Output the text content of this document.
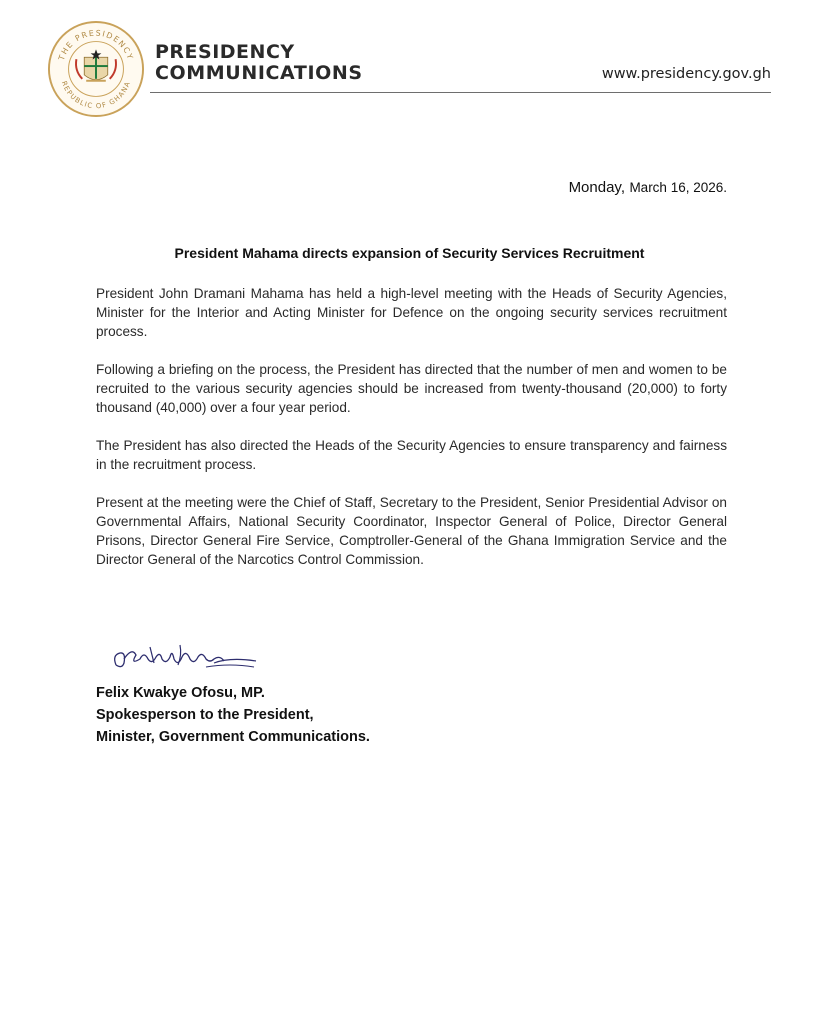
THE PRESIDENCY
REPUBLIC OF GHANA
PRESIDENCY
COMMUNICATIONS	www.presidency.gov.gh
Monday, March 16, 2026.
President Mahama directs expansion of Security Services Recruitment

President John Dramani Mahama has held a high-level meeting with the Heads of Security Agencies, Minister for the Interior and Acting Minister for Defence on the ongoing security services recruitment process.

Following a briefing on the process, the President has directed that the number of men and women to be recruited to the various security agencies should be increased from twenty-thousand (20,000) to forty thousand (40,000) over a four year period.

The President has also directed the Heads of the Security Agencies to ensure transparency and fairness in the recruitment process.

Present at the meeting were the Chief of Staff, Secretary to the President, Senior Presidential Advisor on Governmental Affairs, National Security Coordinator, Inspector General of Police, Director General Prisons, Director General Fire Service, Comptroller-General of the Ghana Immigration Service and the Director General of the Narcotics Control Commission.

Felix Kwakye Ofosu, MP.
Spokesperson to the President,
Minister, Government Communications.
